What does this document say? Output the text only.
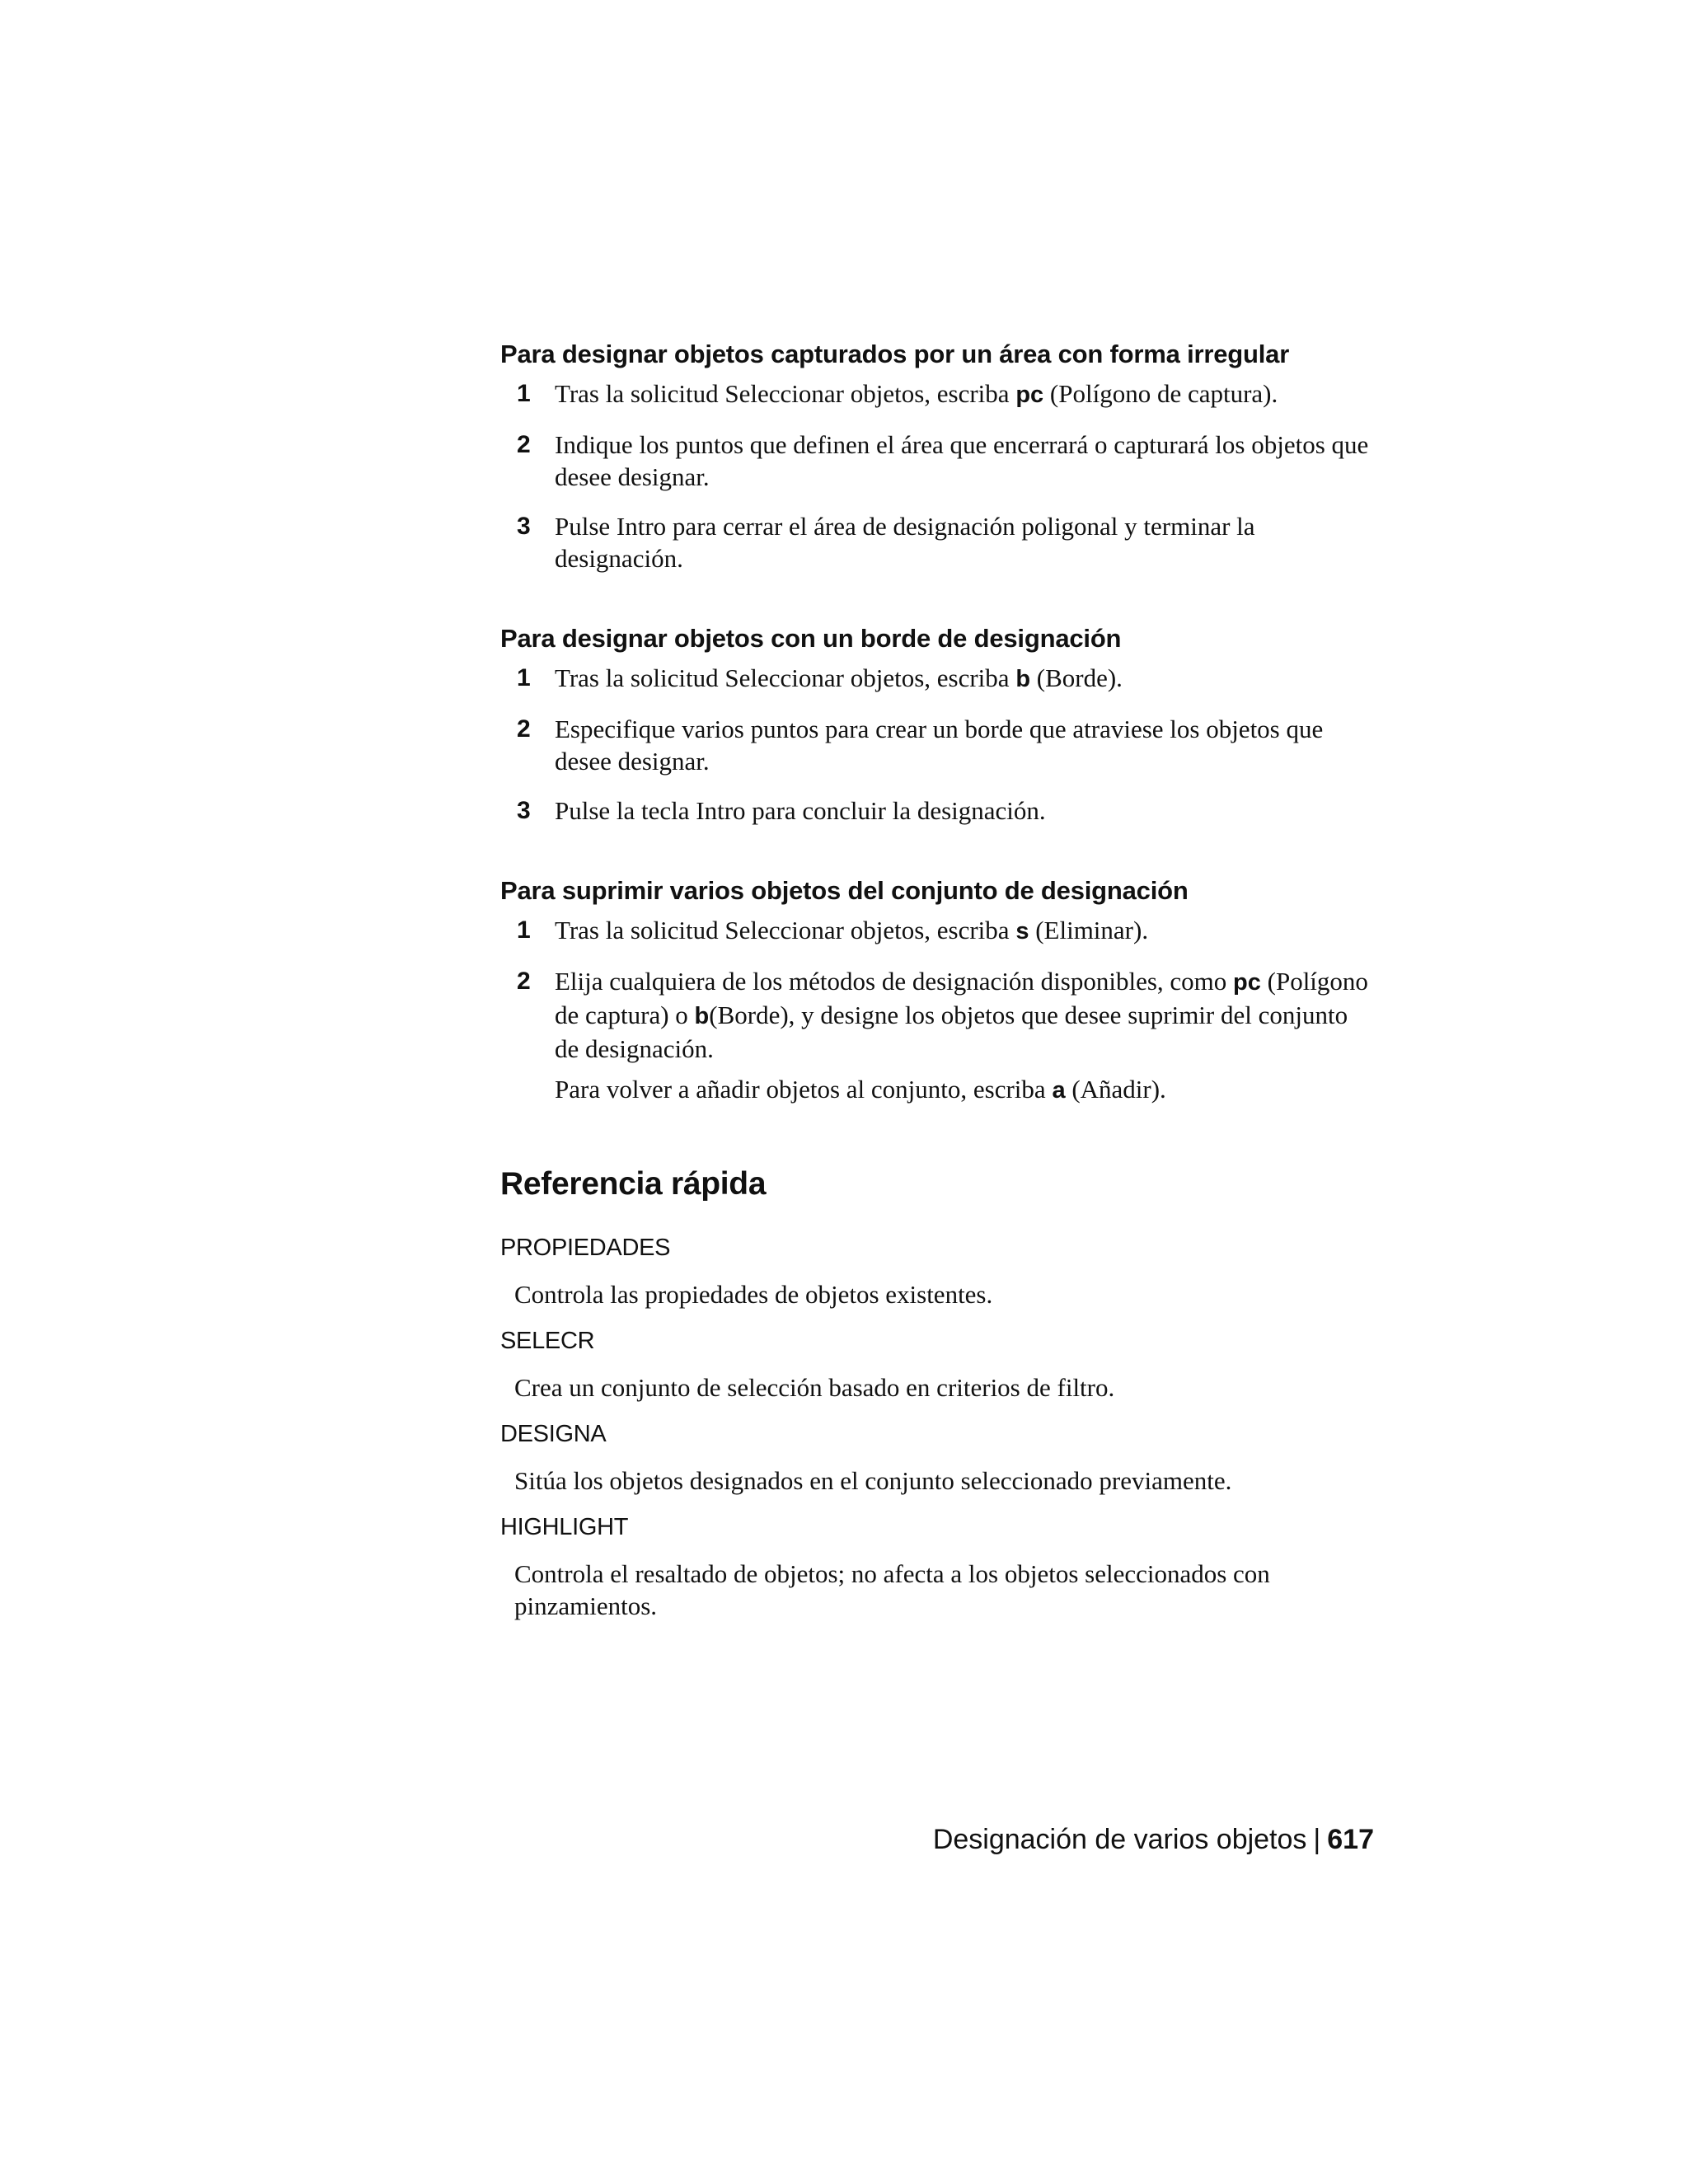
Para designar objetos capturados por un área con forma irregular
1 Tras la solicitud Seleccionar objetos, escriba pc (Polígono de captura).
2 Indique los puntos que definen el área que encerrará o capturará los objetos que desee designar.
3 Pulse Intro para cerrar el área de designación poligonal y terminar la designación.
Para designar objetos con un borde de designación
1 Tras la solicitud Seleccionar objetos, escriba b (Borde).
2 Especifique varios puntos para crear un borde que atraviese los objetos que desee designar.
3 Pulse la tecla Intro para concluir la designación.
Para suprimir varios objetos del conjunto de designación
1 Tras la solicitud Seleccionar objetos, escriba s (Eliminar).
2 Elija cualquiera de los métodos de designación disponibles, como pc (Polígono de captura) o b(Borde), y designe los objetos que desee suprimir del conjunto de designación.
Para volver a añadir objetos al conjunto, escriba a (Añadir).
Referencia rápida

PROPIEDADES

Controla las propiedades de objetos existentes.

SELECR

Crea un conjunto de selección basado en criterios de filtro.

DESIGNA

Sitúa los objetos designados en el conjunto seleccionado previamente.

HIGHLIGHT

Controla el resaltado de objetos; no afecta a los objetos seleccionados con pinzamientos.

Designación de varios objetos | 617
